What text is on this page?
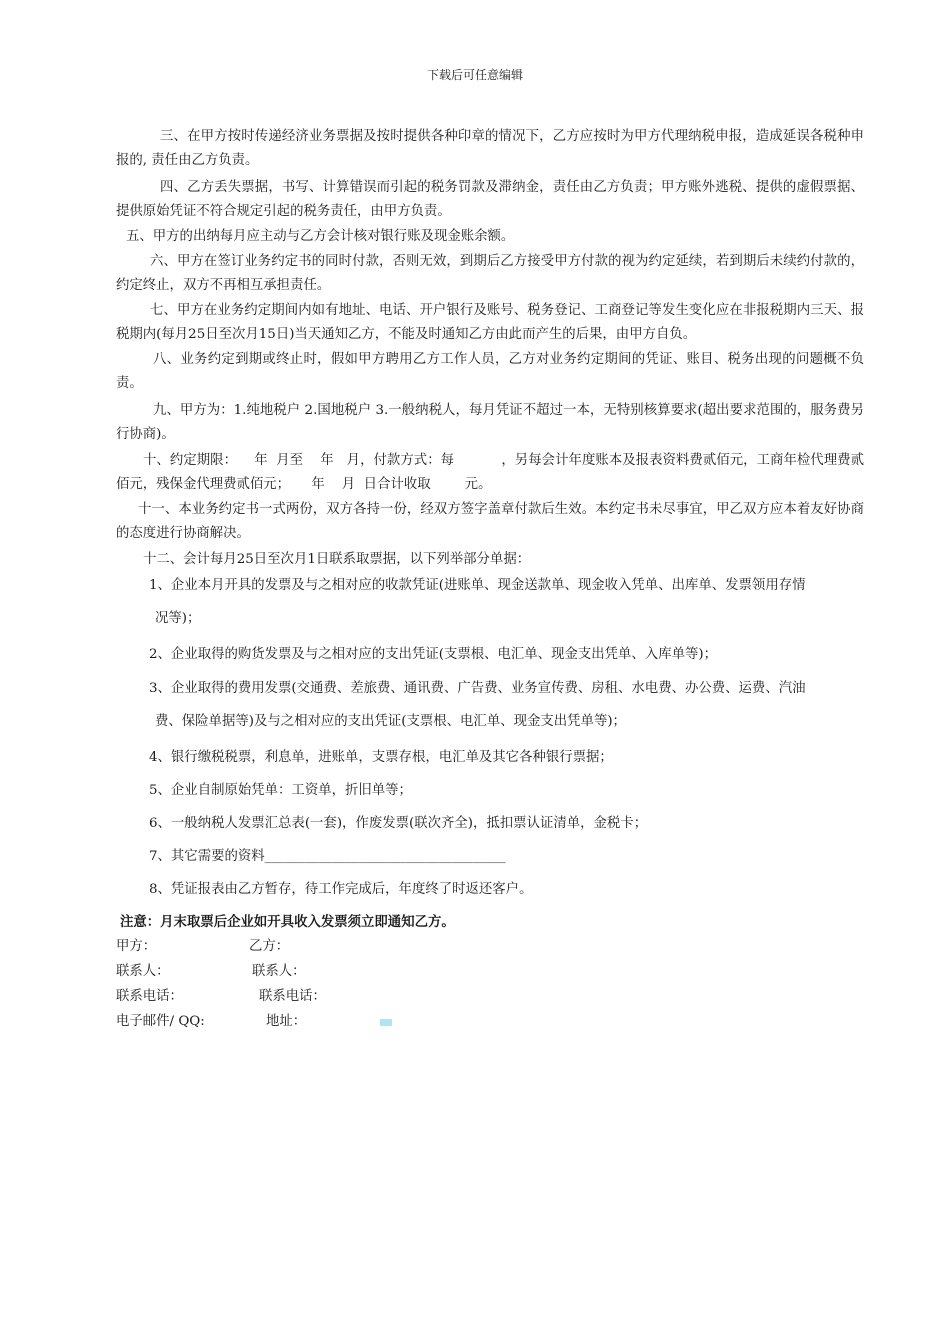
下载后可任意编辑
三、在甲方按时传递经济业务票据及按时提供各种印章的情况下，乙方应按时为甲方代理纳税申报，造成延误各税种申报的, 责任由乙方负责。
四、乙方丢失票据，书写、计算错误而引起的税务罚款及滞纳金，责任由乙方负责；甲方账外逃税、提供的虚假票据、提供原始凭证不符合规定引起的税务责任，由甲方负责。
五、甲方的出纳每月应主动与乙方会计核对银行账及现金账余额。
六、甲方在签订业务约定书的同时付款，否则无效，到期后乙方接受甲方付款的视为约定延续，若到期后未续约付款的，约定终止，双方不再相互承担责任。
七、甲方在业务约定期间内如有地址、电话、开户银行及账号、税务登记、工商登记等发生变化应在非报税期内三天、报税期内(每月25日至次月15日)当天通知乙方，不能及时通知乙方由此而产生的后果，由甲方自负。
八、业务约定到期或终止时，假如甲方聘用乙方工作人员，乙方对业务约定期间的凭证、账目、税务出现的问题概不负责。
九、甲方为：1.纯地税户 2.国地税户 3.一般纳税人，每月凭证不超过一本，无特别核算要求(超出要求范围的，服务费另行协商)。
十、约定期限：    年  月至    年   月，付款方式：每           ，另每会计年度账本及报表资料费贰佰元，工商年检代理费贰佰元，残保金代理费贰佰元；     年    月  日合计收取        元。
十一、本业务约定书一式两份，双方各持一份，经双方签字盖章付款后生效。本约定书未尽事宜，甲乙双方应本着友好协商的态度进行协商解决。
十二、会计每月25日至次月1日联系取票据，以下列举部分单据：
1、企业本月开具的发票及与之相对应的收款凭证(进账单、现金送款单、现金收入凭单、出库单、发票领用存情
况等)；
2、企业取得的购货发票及与之相对应的支出凭证(支票根、电汇单、现金支出凭单、入库单等)；
3、企业取得的费用发票(交通费、差旅费、通讯费、广告费、业务宣传费、房租、水电费、办公费、运费、汽油
费、保险单据等)及与之相对应的支出凭证(支票根、电汇单、现金支出凭单等)；
4、银行缴税税票，利息单，进账单，支票存根，电汇单及其它各种银行票据；
5、企业自制原始凭单：工资单，折旧单等；
6、一般纳税人发票汇总表(一套)，作废发票(联次齐全)，抵扣票认证清单，金税卡；
7、其它需要的资料____________________________________
8、凭证报表由乙方暂存，待工作完成后，年度终了时返还客户。
注意：月末取票后企业如开具收入发票须立即通知乙方。
甲方：	乙方：
联系人：	联系人：
联系电话：	联系电话：
电子邮件/ QQ:	地址：
